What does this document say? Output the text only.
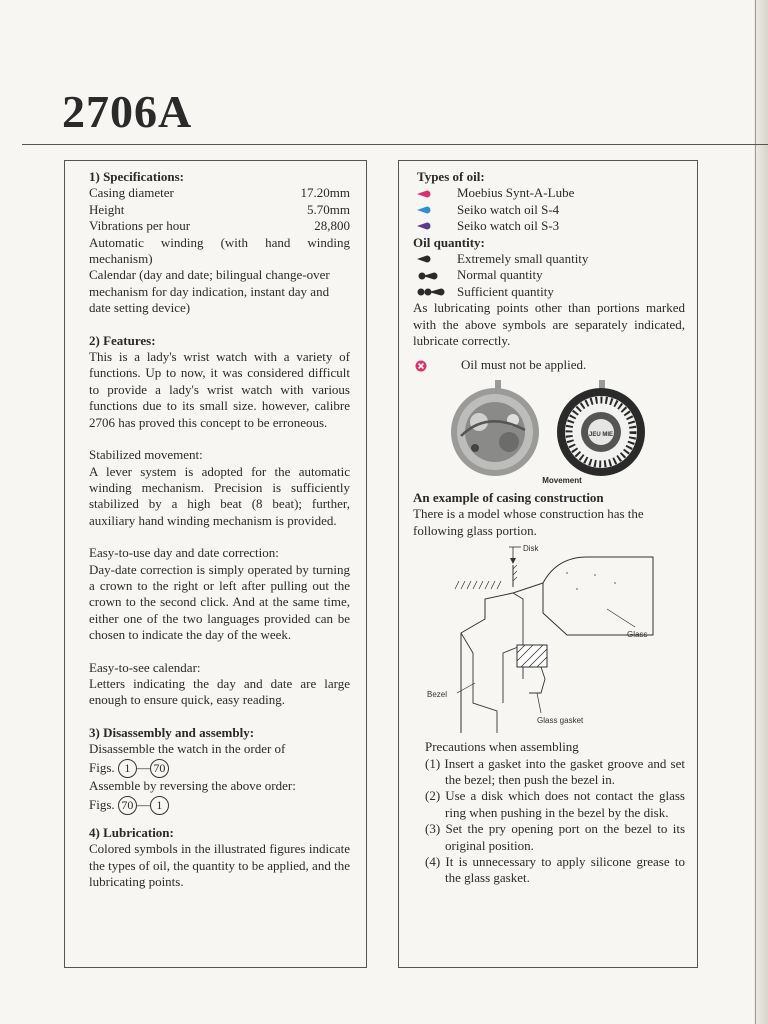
2706A

1) Specifications:

Casing diameter	17.20mm
Height	5.70mm
Vibrations per hour	28,800

Automatic winding (with hand winding mechanism)

Calendar (day and date; bilingual change-over mechanism for day indication, instant day and date setting device)

2) Features:

This is a lady's wrist watch with a variety of functions. Up to now, it was considered difficult to provide a lady's wrist watch with various functions due to its small size. however, calibre 2706 has proved this concept to be erroneous.

Stabilized movement:

A lever system is adopted for the automatic winding mechanism. Precision is sufficiently stabilized by a high beat (8 beat); further, auxiliary hand winding mechanism is provided.

Easy-to-use day and date correction:

Day-date correction is simply operated by turning a crown to the right or left after pulling out the crown to the second click. And at the same time, either one of the two languages provided can be chosen to indicate the day of the week.

Easy-to-see calendar:

Letters indicating the day and date are large enough to ensure quick, easy reading.

3) Disassembly and assembly:

Disassemble the watch in the order of

Figs. 1 — 70

Assemble by reversing the above order:

Figs. 70 — 1

4) Lubrication:

Colored symbols in the illustrated figures indicate the types of oil, the quantity to be applied, and the lubricating points.

Types of oil:

Moebius Synt-A-Lube
Seiko watch oil S-4
Seiko watch oil S-3

Oil quantity:

Extremely small quantity
Normal quantity
Sufficient quantity

As lubricating points other than portions marked with the above symbols are separately indicated, lubricate correctly.

Oil must not be applied.
JEU MIE
Movement

An example of casing construction

There is a model whose construction has the following glass portion.

Disk
Glass
Bezel
Glass gasket

Precautions when assembling

(1) Insert a gasket into the gasket groove and set the bezel; then push the bezel in.
(2) Use a disk which does not contact the glass ring when pushing in the bezel by the disk.
(3) Set the pry opening port on the bezel to its original position.
(4) It is unnecessary to apply silicone grease to the glass gasket.
